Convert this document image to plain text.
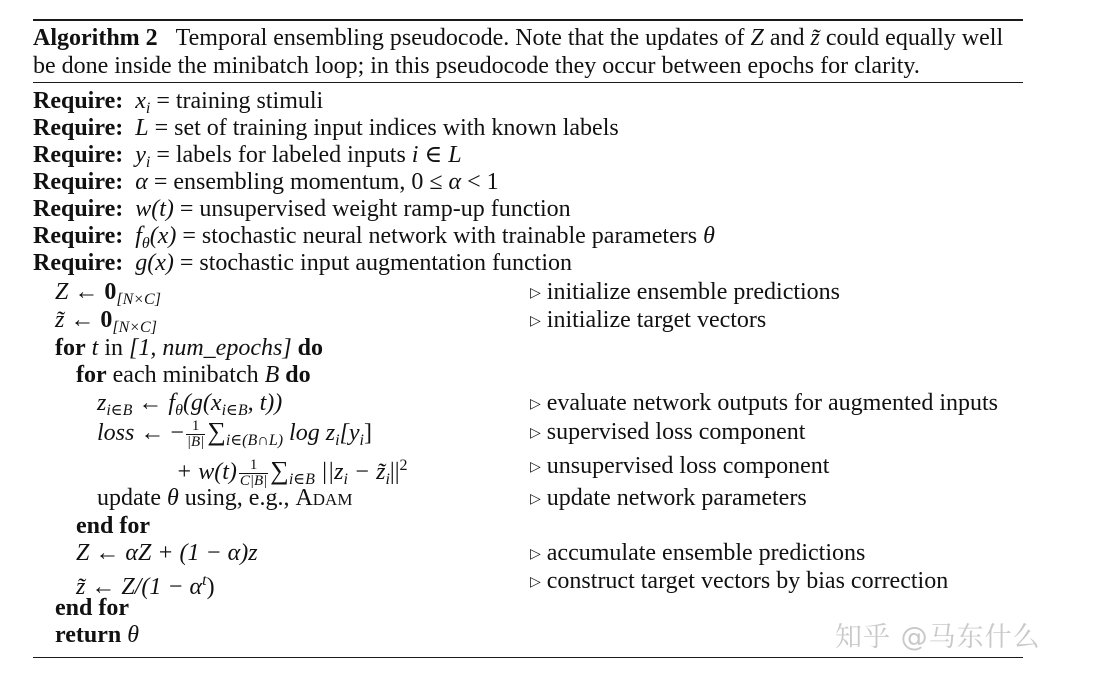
Algorithm 2 Temporal ensembling pseudocode. Note that the updates of Z and z̃ could equally well be done inside the minibatch loop; in this pseudocode they occur between epochs for clarity.
Require: $x_i$ = training stimuli
Require: L = set of training input indices with known labels
Require: $y_i$ = labels for labeled inputs i ∈ L
Require: α = ensembling momentum, 0 ≤ α < 1
Require: w(t) = unsupervised weight ramp-up function
Require: $f_\theta(x)$ = stochastic neural network with trainable parameters θ
Require: g(x) = stochastic input augmentation function
Z ← $0_{[N\times C]}$	▷ initialize ensemble predictions
z̃ ← $0_{[N\times C]}$	▷ initialize target vectors
for t in [1, num_epochs] do
for each minibatch B do
$z_{i\in B}$ ← $f_\theta(g(x_{i\in B}$, t))	▷ evaluate network outputs for augmented inputs
loss ← − $\frac{1}{|B|} \sum_{i\in(B\cap L)}$ $\log z_i[y_i]$	▷ supervised loss component
+ $w(t) \frac{1}{C|B|} \sum_{i\in B}$ $||z_i$ − $z̃_i||^2$	▷ unsupervised loss component
update θ using, e.g., Adam	▷ update network parameters
end for
Z ← αZ + (1 − α)z	▷ accumulate ensemble predictions
z̃ ← $Z/(1 - \alpha^t)$	▷ construct target vectors by bias correction
end for
return θ	知乎 @马东什么
